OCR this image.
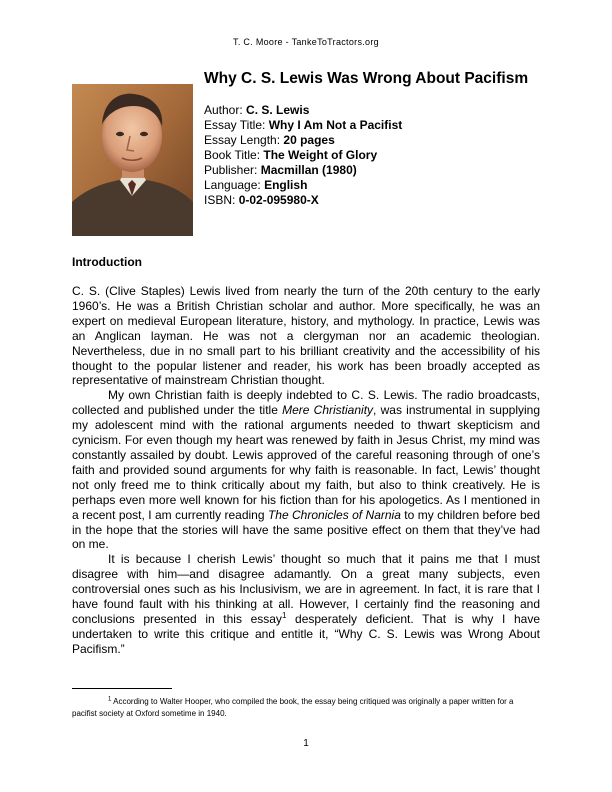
T. C. Moore - TankeToTractors.org
Why C. S. Lewis Was Wrong About Pacifism
Author: C. S. Lewis
Essay Title: Why I Am Not a Pacifist
Essay Length: 20 pages
Book Title: The Weight of Glory
Publisher: Macmillan (1980)
Language: English
ISBN: 0-02-095980-X
Introduction

C. S. (Clive Staples) Lewis lived from nearly the turn of the 20th century to the early 1960’s. He was a British Christian scholar and author. More specifically, he was an expert on medieval European literature, history, and mythology. In practice, Lewis was an Anglican layman. He was not a clergyman nor an academic theologian. Nevertheless, due in no small part to his brilliant creativity and the accessibility of his thought to the popular listener and reader, his work has been broadly accepted as representative of mainstream Christian thought.

My own Christian faith is deeply indebted to C. S. Lewis. The radio broadcasts, collected and published under the title Mere Christianity, was instrumental in supplying my adolescent mind with the rational arguments needed to thwart skepticism and cynicism. For even though my heart was renewed by faith in Jesus Christ, my mind was constantly assailed by doubt. Lewis approved of the careful reasoning through of one’s faith and provided sound arguments for why faith is reasonable. In fact, Lewis’ thought not only freed me to think critically about my faith, but also to think creatively. He is perhaps even more well known for his fiction than for his apologetics. As I mentioned in a recent post, I am currently reading The Chronicles of Narnia to my children before bed in the hope that the stories will have the same positive effect on them that they’ve had on me.

It is because I cherish Lewis’ thought so much that it pains me that I must disagree with him—and disagree adamantly. On a great many subjects, even controversial ones such as his Inclusivism, we are in agreement. In fact, it is rare that I have found fault with his thinking at all. However, I certainly find the reasoning and conclusions presented in this essay$^1$ desperately deficient. That is why I have undertaken to write this critique and entitle it, “Why C. S. Lewis was Wrong About Pacifism.”

$^1$ According to Walter Hooper, who compiled the book, the essay being critiqued was originally a paper written for a pacifist society at Oxford sometime in 1940.
1
